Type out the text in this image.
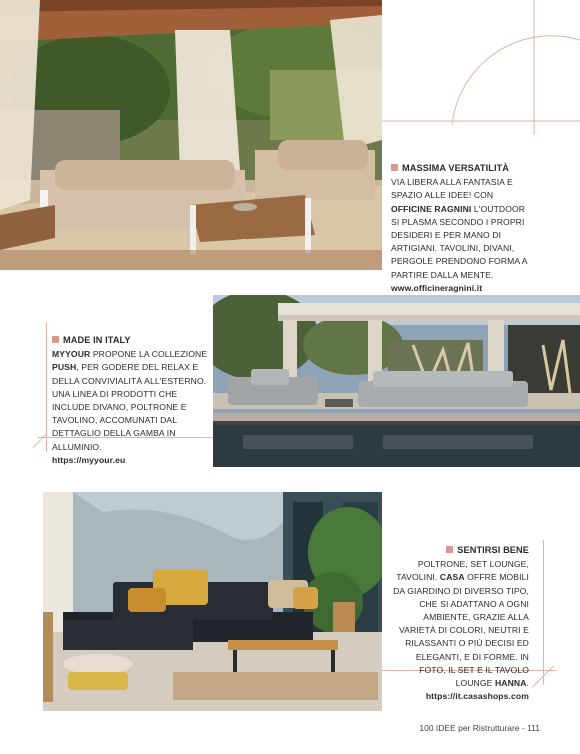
MASSIMA VERSATILITÀ
VIA LIBERA ALLA FANTASIA E SPAZIO ALLE IDEE! CON OFFICINE RAGNINI L'OUTDOOR SI PLASMA SECONDO I PROPRI DESIDERI E PER MANO DI ARTIGIANI. TAVOLINI, DIVANI, PERGOLE PRENDONO FORMA A PARTIRE DALLA MENTE.
www.officineragnini.it
MADE IN ITALY
MYYOUR PROPONE LA COLLEZIONE PUSH, PER GODERE DEL RELAX E DELLA CONVIVIALITÀ ALL'ESTERNO. UNA LINEA DI PRODOTTI CHE INCLUDE DIVANO, POLTRONE E TAVOLINO, ACCOMUNATI DAL DETTAGLIO DELLA GAMBA IN ALLUMINIO.
https://myyour.eu
SENTIRSI BENE
POLTRONE, SET LOUNGE, TAVOLINI. CASA OFFRE MOBILI DA GIARDINO DI DIVERSO TIPO, CHE SI ADATTANO A OGNI AMBIENTE, GRAZIE ALLA VARIETÀ DI COLORI, NEUTRI E RILASSANTI O PIÙ DECISI ED ELEGANTI, E DI FORME. IN FOTO, IL SET E IL TAVOLO LOUNGE HANNA.
https://it.casashops.com
100 IDEE per Ristrutturare - 111
